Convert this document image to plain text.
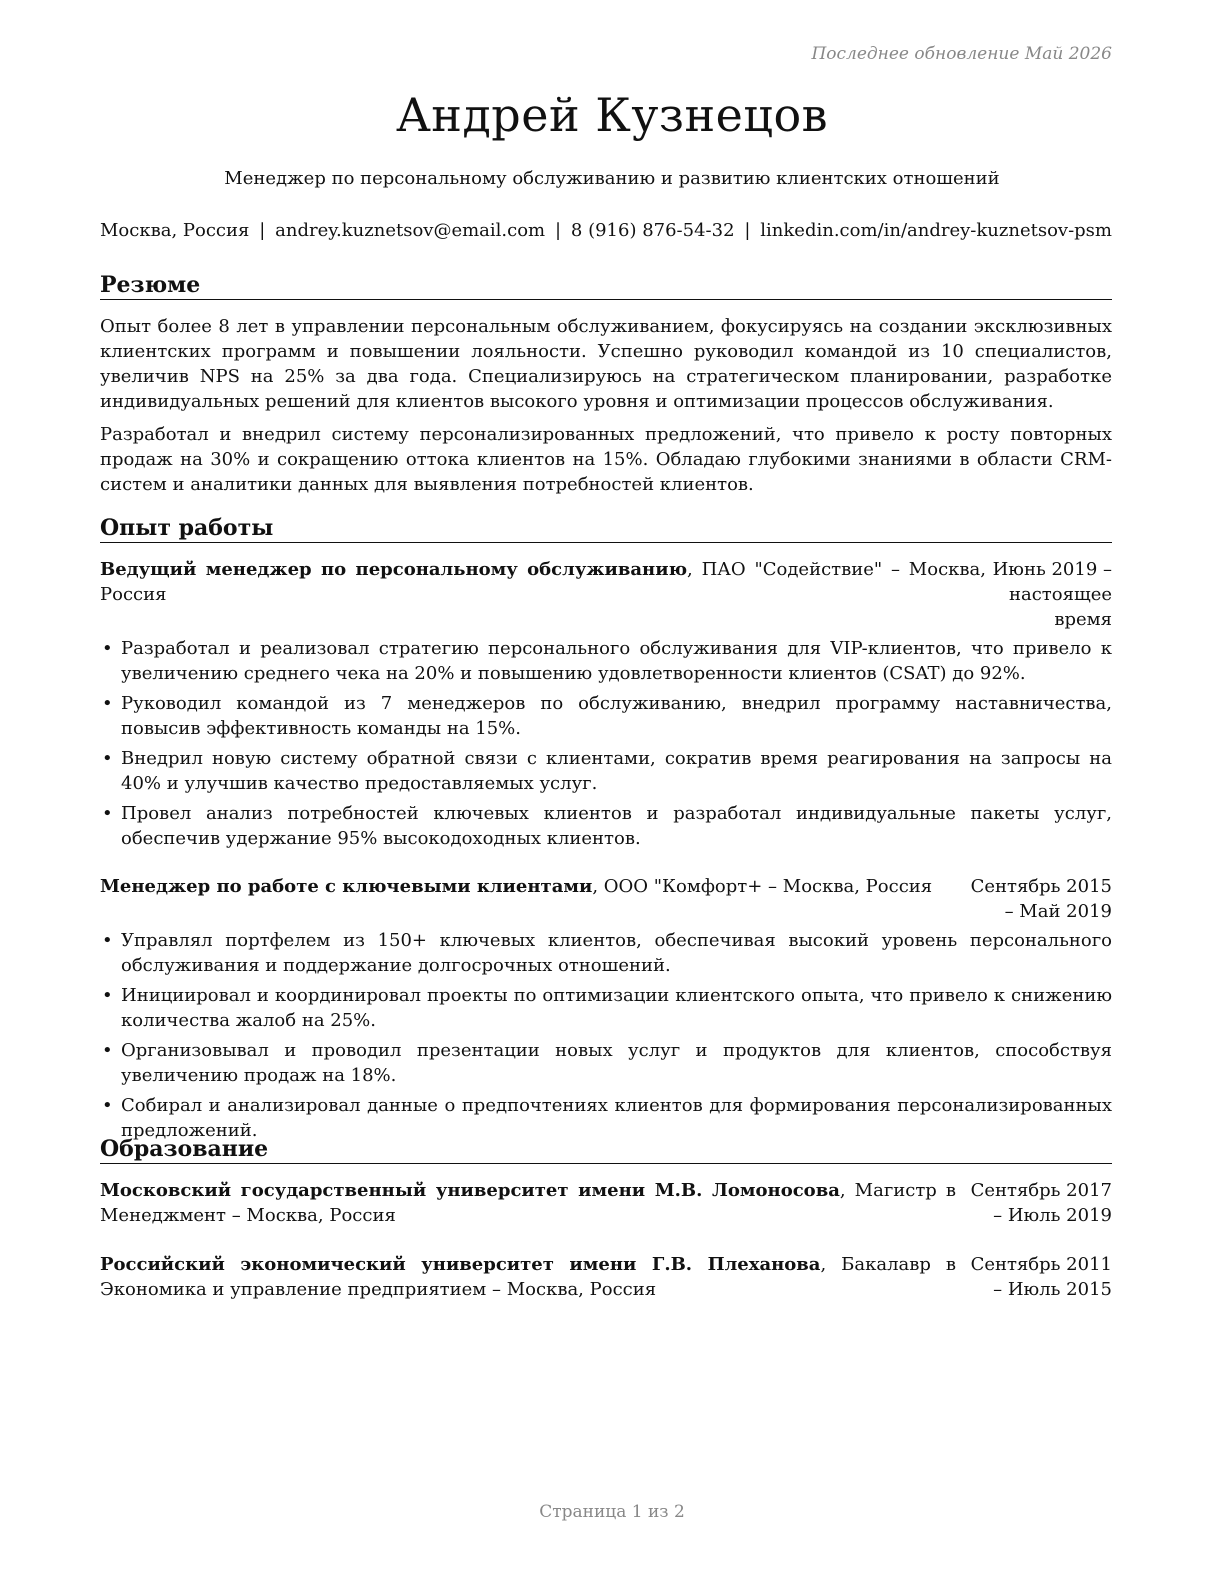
Последнее обновление Май 2026
Андрей Кузнецов
Менеджер по персональному обслуживанию и развитию клиентских отношений
Москва, Россия | andrey.kuznetsov@email.com | 8 (916) 876-54-32 | linkedin.com/in/andrey-kuznetsov-psm
Резюме

Опыт более 8 лет в управлении персональным обслуживанием, фокусируясь на создании эксклюзивных клиентских программ и повышении лояльности. Успешно руководил командой из 10 специалистов, увеличив NPS на 25% за два года. Специализируюсь на стратегическом планировании, разработке индивидуальных решений для клиентов высокого уровня и оптимизации процессов обслуживания.

Разработал и внедрил систему персонализированных предложений, что привело к росту повторных продаж на 30% и сокращению оттока клиентов на 15%. Обладаю глубокими знаниями в области CRM-систем и аналитики данных для выявления потребностей клиентов.

Опыт работы
Ведущий менеджер по персональному обслуживанию, ПАО "Содействие" – Москва, Россия
Июнь 2019 – настоящее время
• Разработал и реализовал стратегию персонального обслуживания для VIP-клиентов, что привело к увеличению среднего чека на 20% и повышению удовлетворенности клиентов (CSAT) до 92%.
• Руководил командой из 7 менеджеров по обслуживанию, внедрил программу наставничества, повысив эффективность команды на 15%.
• Внедрил новую систему обратной связи с клиентами, сократив время реагирования на запросы на 40% и улучшив качество предоставляемых услуг.
• Провел анализ потребностей ключевых клиентов и разработал индивидуальные пакеты услуг, обеспечив удержание 95% высокодоходных клиентов.
Менеджер по работе с ключевыми клиентами, ООО "Комфорт+ – Москва, Россия	Сентябрь 2015 – Май 2019
• Управлял портфелем из 150+ ключевых клиентов, обеспечивая высокий уровень персонального обслуживания и поддержание долгосрочных отношений.
• Инициировал и координировал проекты по оптимизации клиентского опыта, что привело к снижению количества жалоб на 25%.
• Организовывал и проводил презентации новых услуг и продуктов для клиентов, способствуя увеличению продаж на 18%.
• Собирал и анализировал данные о предпочтениях клиентов для формирования персонализированных предложений.
Образование
Московский государственный университет имени М.В. Ломоносова, Магистр в Менеджмент – Москва, Россия
Сентябрь 2017 – Июль 2019
Российский экономический университет имени Г.В. Плеханова, Бакалавр в Экономика и управление предприятием – Москва, Россия
Сентябрь 2011 – Июль 2015
Страница 1 из 2
